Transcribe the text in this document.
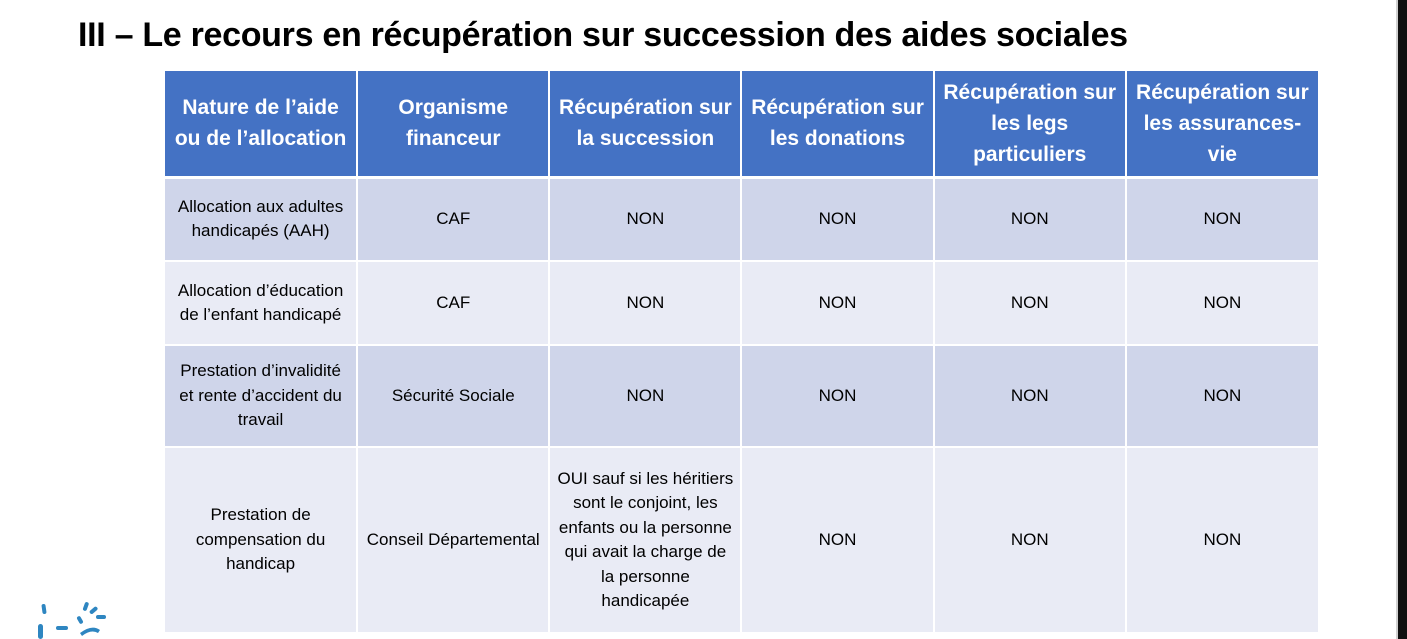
III – Le recours en récupération sur succession des aides sociales
Nature de l’aide ou de l’allocation	Organisme financeur	Récupération sur la succession	Récupération sur les donations	Récupération sur les legs particuliers	Récupération sur les assurances-vie
Allocation aux adultes handicapés (AAH)	CAF	NON	NON	NON	NON
Allocation d’éducation de l’enfant handicapé	CAF	NON	NON	NON	NON
Prestation d’invalidité et rente d’accident du travail	Sécurité Sociale	NON	NON	NON	NON
Prestation de compensation du handicap	Conseil Départemental	OUI sauf si les héritiers sont le conjoint, les enfants ou la personne qui avait la charge de la personne handicapée	NON	NON	NON
